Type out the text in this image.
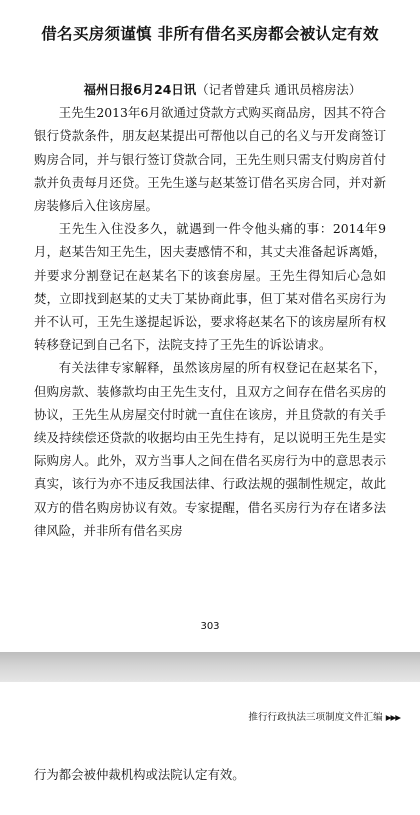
借名买房须谨慎 非所有借名买房都会被认定有效

福州日报6月24日讯（记者曾建兵 通讯员榕房法）

王先生2013年6月欲通过贷款方式购买商品房，因其不符合银行贷款条件，朋友赵某提出可帮他以自己的名义与开发商签订购房合同，并与银行签订贷款合同，王先生则只需支付购房首付款并负责每月还贷。王先生遂与赵某签订借名买房合同，并对新房装修后入住该房屋。

王先生入住没多久，就遇到一件令他头痛的事：2014年9月，赵某告知王先生，因夫妻感情不和，其丈夫准备起诉离婚，并要求分割登记在赵某名下的该套房屋。王先生得知后心急如焚，立即找到赵某的丈夫丁某协商此事，但丁某对借名买房行为并不认可，王先生遂提起诉讼，要求将赵某名下的该房屋所有权转移登记到自己名下，法院支持了王先生的诉讼请求。

有关法律专家解释，虽然该房屋的所有权登记在赵某名下，但购房款、装修款均由王先生支付，且双方之间存在借名买房的协议，王先生从房屋交付时就一直住在该房，并且贷款的有关手续及持续偿还贷款的收据均由王先生持有，足以说明王先生是实际购房人。此外，双方当事人之间在借名买房行为中的意思表示真实，该行为亦不违反我国法律、行政法规的强制性规定，故此双方的借名购房协议有效。专家提醒，借名买房行为存在诸多法律风险，并非所有借名买房

303
推行行政执法三项制度文件汇编 ▶▶▶
行为都会被仲裁机构或法院认定有效。
